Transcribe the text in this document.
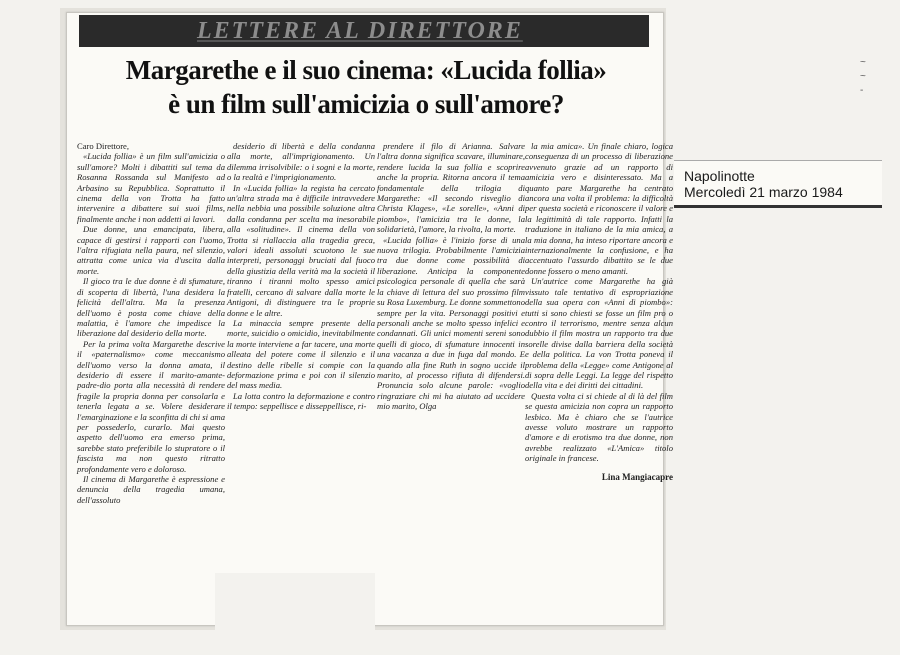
LETTERE AL DIRETTORE
Margarethe e il suo cinema: «Lucida follia»
è un film sull'amicizia o sull'amore?

Caro Direttore,

«Lucida follia» è un film sull'amicizia o sull'amore? Molti i dibattiti sul tema da Rosanna Rossanda sul Manifesto ad Arbasino su Repubblica. Soprattutto il cinema della von Trotta ha fatto intervenire a dibattere sui suoi films, finalmente anche i non addetti ai lavori.

Due donne, una emancipata, libera, capace di gestirsi i rapporti con l'uomo, l'altra rifugiata nella paura, nel silenzio, attratta come unica via d'uscita dalla morte.

Il gioco tra le due donne è di sfumature, di scoperta di libertà, l'una desidera la felicità dell'altra. Ma la presenza dell'uomo è posta come chiave della malattia, è l'amore che impedisce la liberazione dal desiderio della morte.

Per la prima volta Margarethe descrive il «paternalismo» come meccanismo dell'uomo verso la donna amata, il desiderio di essere il marito-amante-padre-dio porta alla necessità di rendere fragile la propria donna per consolarla e tenerla legata a se. Volere desiderare l'emarginazione e la sconfitta di chi si ama per possederlo, curarlo. Mai questo aspetto dell'uomo era emerso prima, sarebbe stato preferibile lo stupratore o il fascista ma non questo ritratto profondamente vero e doloroso.

Il cinema di Margarethe è espressione e denuncia della tragedia umana, dell'assoluto

desiderio di libertà e della condanna alla morte, all'imprigionamento. Un dilemma irrisolvibile: o i sogni e la morte, o la realtà e l'imprigionamento.

In «Lucida follia» la regista ha cercato un'altra strada ma è difficile intravvedere nella nebbia una possibile soluzione altra dalla condanna per scelta ma inesorabile alla «solitudine». Il cinema della von Trotta si riallaccia alla tragedia greca, valori ideali assoluti scuotono le sue interpreti, personaggi bruciati dal fuoco della giustizia della verità ma la società il tiranno i tiranni molto spesso amici fratelli, cercano di salvare dalla morte le Antigoni, di distinguere tra le proprie donne e le altre.

La minaccia sempre presente della morte, suicidio o omicidio, inevitabilmente la morte interviene a far tacere, una morte alleata del potere come il silenzio e il destino delle ribelle si compie con la deformazione prima e poi con il silenzio del mass media.

La lotta contro la deformazione e contro il tempo: seppellisce e disseppellisce, ri-

prendere il filo di Arianna. Salvare l'altra donna significa scavare, illuminare, rendere lucida la sua follia e scoprire anche la propria. Ritorna ancora il tema fondamentale della trilogia di Margarethe: «Il secondo risveglio di Christa Klages», «Le sorelle», «Anni di piombo», l'amicizia tra le donne, la solidarietà, l'amore, la rivolta, la morte.

«Lucida follia» è l'inizio forse di una nuova trilogia. Probabilmente l'amicizia tra due donne come possibilità di liberazione. Anticipa la componente psicologica personale di quella che sarà la chiave di lettura del suo prossimo film su Rosa Luxemburg. Le donne sommettono sempre per la vita. Personaggi positivi e personali anche se molto spesso infelici e condannati. Gli unici momenti sereni sono quelli di gioco, di sfumature innocenti in una vacanza a due in fuga dal mondo. E quando alla fine Ruth in sogno uccide il marito, al processo rifiuta di difendersi. Pronuncia solo alcune parole: «voglio ringraziare chi mi ha aiutato ad uccidere mio marito, Olga

la mia amica». Un finale chiaro, logica conseguenza di un processo di liberazione avvenuto grazie ad un rapporto di amicizia vero e disinteressato. Ma a quanto pare Margarethe ha centrato ancora una volta il problema: la difficoltà per questa società e riconoscere il valore e la legittimità di tale rapporto. Infatti la traduzione in italiano de la mia amica, a la mia donna, ha inteso riportare ancora e internazionalmente la confusione, e ha accentuato l'assurdo dibattito se le due donne fossero o meno amanti.

Un'autrice come Margarethe ha già vissuto tale tentativo di espropriazione della sua opera con «Anni di piombo»: tutti si sono chiesti se fosse un film pro o contro il terrorismo, mentre senza alcun dubbio il film mostra un rapporto tra due sorelle divise dalla barriera della società e della politica. La von Trotta poneva il problema della «Legge» come Antigone al di sopra delle Leggi. La legge del rispetto della vita e dei diritti dei cittadini.

Questa volta ci si chiede al di là del film se questa amicizia non copra un rapporto lesbico. Ma è chiaro che se l'autrice avesse voluto mostrare un rapporto d'amore e di erotismo tra due donne, non avrebbe realizzato «L'Amica» titolo originale in francese.

Lina Mangiacapre

Napolinotte
Mercoledì 21 marzo 1984
~
~
-
